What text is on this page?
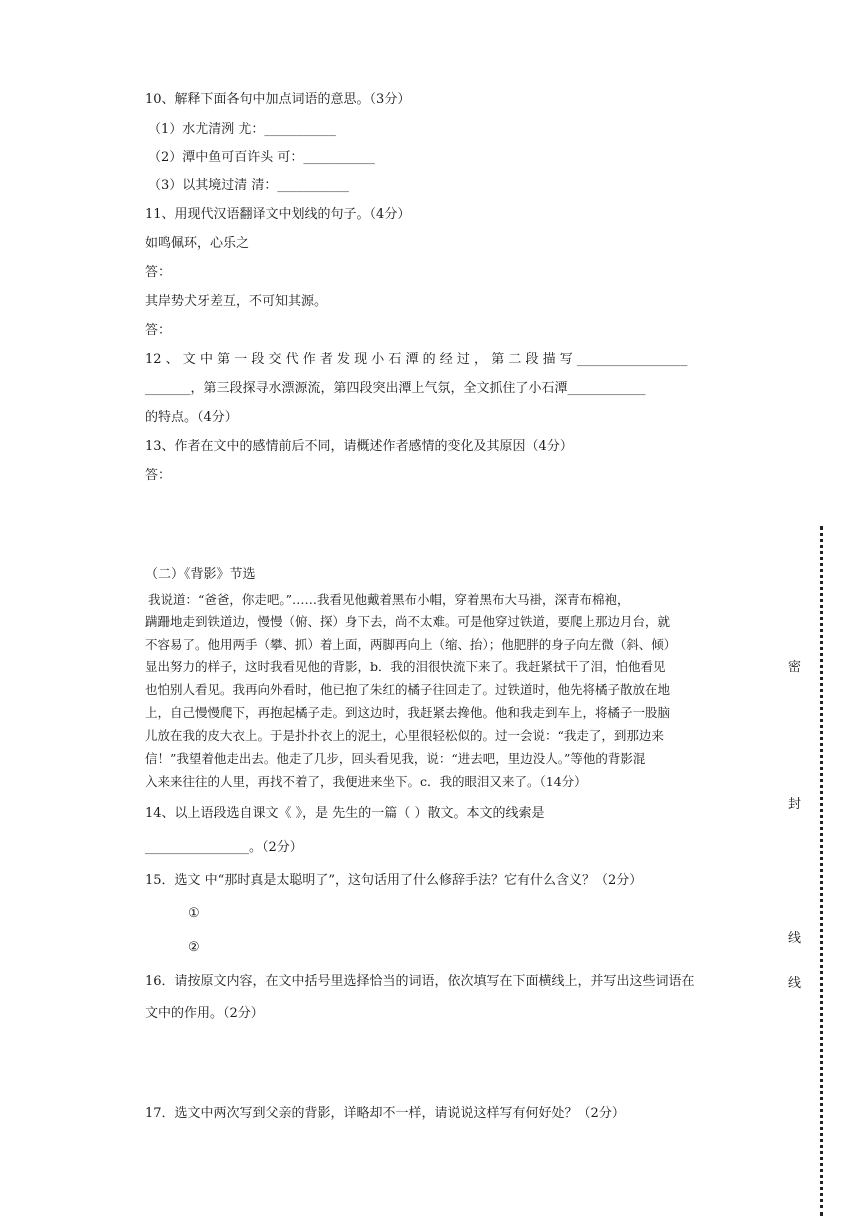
10、解释下面各句中加点词语的意思。（3分）
（1）水尤清洌 尤：___________
（2）潭中鱼可百许头 可：___________
（3）以其境过清 清：___________
11、用现代汉语翻译文中划线的句子。（4分）
如鸣佩环，心乐之
答：
其岸势犬牙差互，不可知其源。
答：
12 、 文 中 第 一 段 交 代 作 者 发 现 小 石 潭 的 经 过 ， 第 二 段 描 写 _________________
_______，第三段探寻水漂源流，第四段突出潭上气氛，全文抓住了小石潭____________
的特点。（4分）
13、作者在文中的感情前后不同，请概述作者感情的变化及其原因（4分）
答：
（二）《背影》节选
我说道：“爸爸，你走吧。”……我看见他戴着黑布小帽，穿着黑布大马褂，深青布棉袍，
蹒跚地走到铁道边，慢慢（俯、探）身下去，尚不太难。可是他穿过铁道，要爬上那边月台，就
不容易了。他用两手（攀、抓）着上面，两脚再向上（缩、抬）；他肥胖的身子向左微（斜、倾）
显出努力的样子，这时我看见他的背影，b．我的泪很快流下来了。我赶紧拭干了泪，怕他看见
也怕别人看见。我再向外看时，他已抱了朱红的橘子往回走了。过铁道时，他先将橘子散放在地
上，自己慢慢爬下，再抱起橘子走。到这边时，我赶紧去搀他。他和我走到车上，将橘子一股脑
儿放在我的皮大衣上。于是扑扑衣上的泥土，心里很轻松似的。过一会说：“我走了，到那边来
信！”我望着他走出去。他走了几步，回头看见我，说：“进去吧，里边没人。”等他的背影混
入来来往往的人里，再找不着了，我便进来坐下。c．我的眼泪又来了。（14分）
14、以上语段选自课文《 》，是 先生的一篇（ ）散文。本文的线索是
________________。（2分）
15．选文 中“那时真是太聪明了”，这句话用了什么修辞手法？它有什么含义？（2分）
①
②
16．请按原文内容，在文中括号里选择恰当的词语，依次填写在下面横线上，并写出这些词语在
文中的作用。（2分）
17．选文中两次写到父亲的背影，详略却不一样，请说说这样写有何好处？（2分）
密
封
线
线
